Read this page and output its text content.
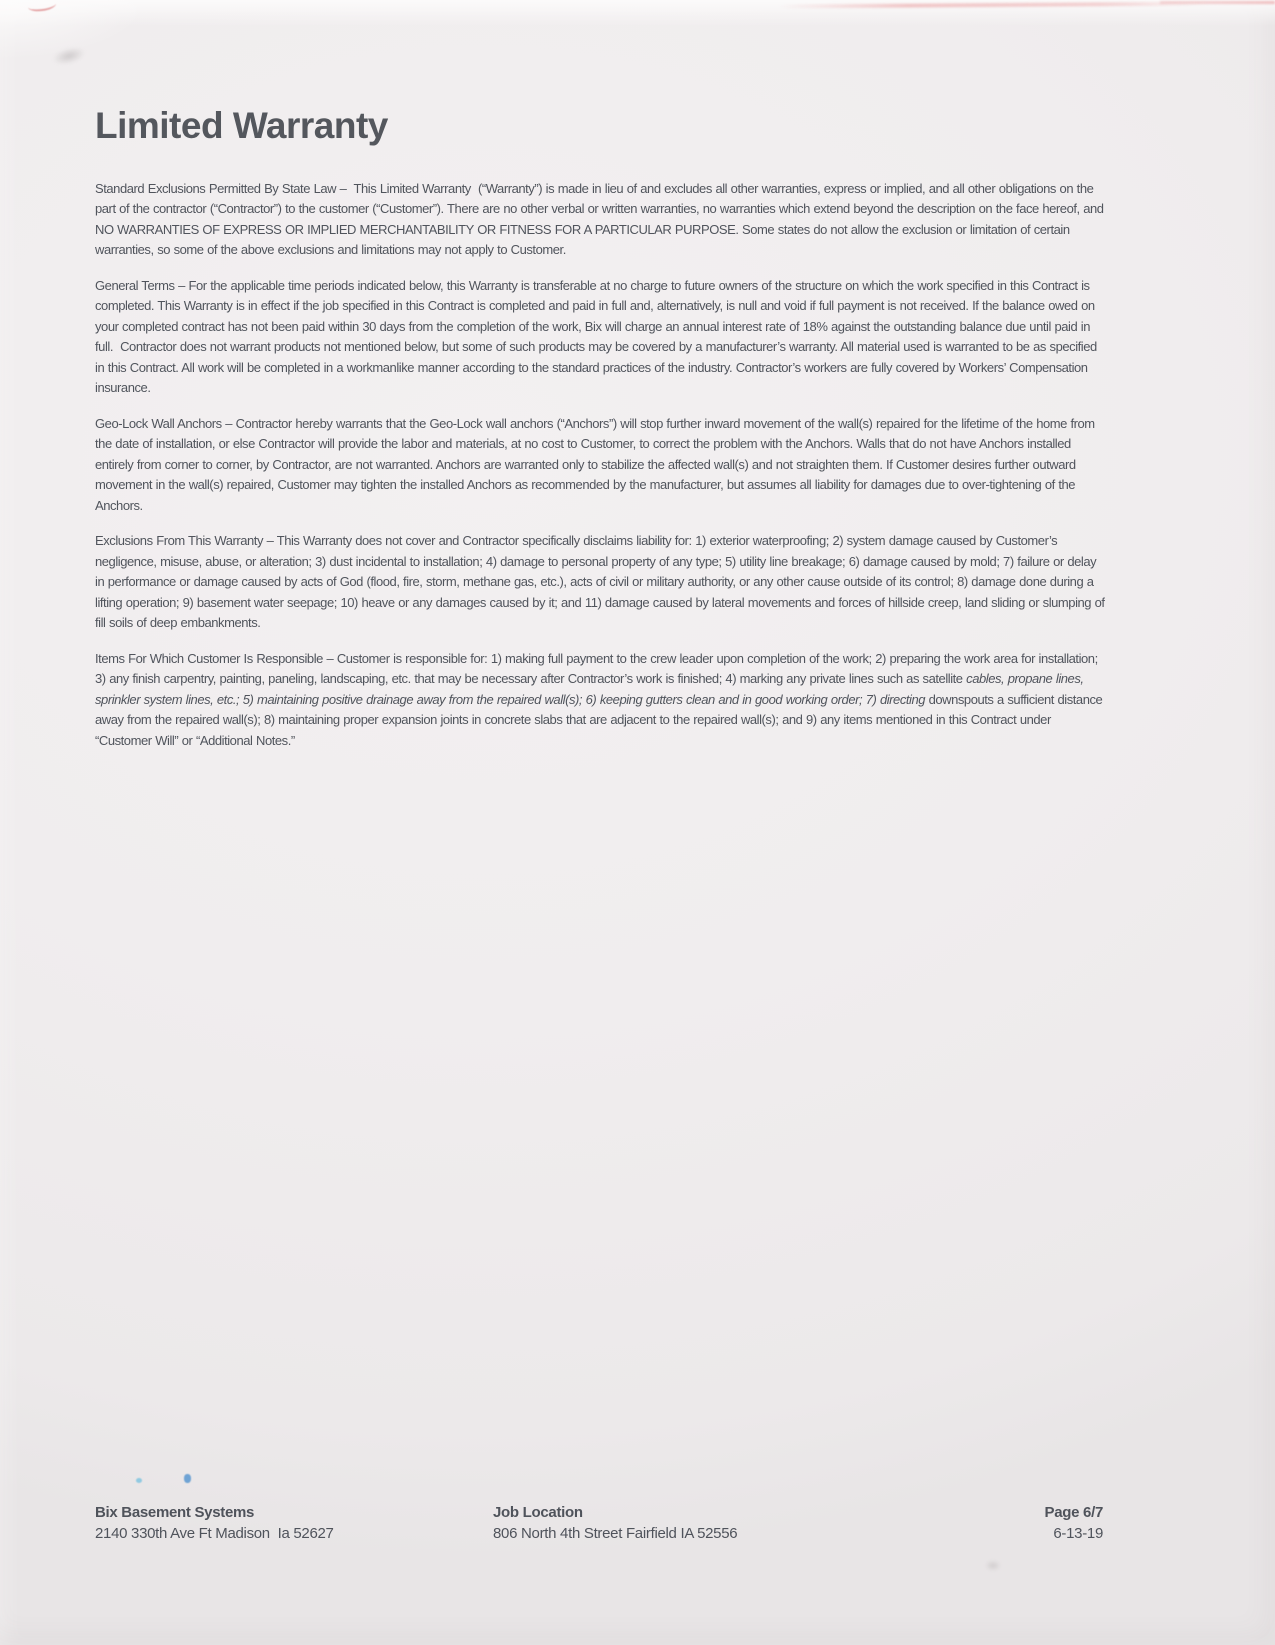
Limited Warranty

Standard Exclusions Permitted By State Law –  This Limited Warranty  (“Warranty”) is made in lieu of and excludes all other warranties, express or implied, and all other obligations on the part of the contractor (“Contractor”) to the customer (“Customer”). There are no other verbal or written warranties, no warranties which extend beyond the description on the face hereof, and NO WARRANTIES OF EXPRESS OR IMPLIED MERCHANTABILITY OR FITNESS FOR A PARTICULAR PURPOSE. Some states do not allow the exclusion or limitation of certain warranties, so some of the above exclusions and limitations may not apply to Customer.

General Terms – For the applicable time periods indicated below, this Warranty is transferable at no charge to future owners of the structure on which the work specified in this Contract is completed. This Warranty is in effect if the job specified in this Contract is completed and paid in full and, alternatively, is null and void if full payment is not received. If the balance owed on your completed contract has not been paid within 30 days from the completion of the work, Bix will charge an annual interest rate of 18% against the outstanding balance due until paid in full.  Contractor does not warrant products not mentioned below, but some of such products may be covered by a manufacturer’s warranty. All material used is warranted to be as specified in this Contract. All work will be completed in a workmanlike manner according to the standard practices of the industry. Contractor’s workers are fully covered by Workers’ Compensation insurance.

Geo-Lock Wall Anchors – Contractor hereby warrants that the Geo-Lock wall anchors (“Anchors”) will stop further inward movement of the wall(s) repaired for the lifetime of the home from the date of installation, or else Contractor will provide the labor and materials, at no cost to Customer, to correct the problem with the Anchors. Walls that do not have Anchors installed entirely from corner to corner, by Contractor, are not warranted. Anchors are warranted only to stabilize the affected wall(s) and not straighten them. If Customer desires further outward movement in the wall(s) repaired, Customer may tighten the installed Anchors as recommended by the manufacturer, but assumes all liability for damages due to over-tightening of the Anchors.

Exclusions From This Warranty – This Warranty does not cover and Contractor specifically disclaims liability for: 1) exterior waterproofing; 2) system damage caused by Customer’s negligence, misuse, abuse, or alteration; 3) dust incidental to installation; 4) damage to personal property of any type; 5) utility line breakage; 6) damage caused by mold; 7) failure or delay in performance or damage caused by acts of God (flood, fire, storm, methane gas, etc.), acts of civil or military authority, or any other cause outside of its control; 8) damage done during a lifting operation; 9) basement water seepage; 10) heave or any damages caused by it; and 11) damage caused by lateral movements and forces of hillside creep, land sliding or slumping of fill soils of deep embankments.

Items For Which Customer Is Responsible – Customer is responsible for: 1) making full payment to the crew leader upon completion of the work; 2) preparing the work area for installation; 3) any finish carpentry, painting, paneling, landscaping, etc. that may be necessary after Contractor’s work is finished; 4) marking any private lines such as satellite cables, propane lines, sprinkler system lines, etc.; 5) maintaining positive drainage away from the repaired wall(s); 6) keeping gutters clean and in good working order; 7) directing downspouts a sufficient distance away from the repaired wall(s); 8) maintaining proper expansion joints in concrete slabs that are adjacent to the repaired wall(s); and 9) any items mentioned in this Contract under “Customer Will” or “Additional Notes.”

Bix Basement Systems
2140 330th Ave Ft Madison  Ia 52627
Job Location
806 North 4th Street Fairfield IA 52556
Page 6/7
6-13-19
